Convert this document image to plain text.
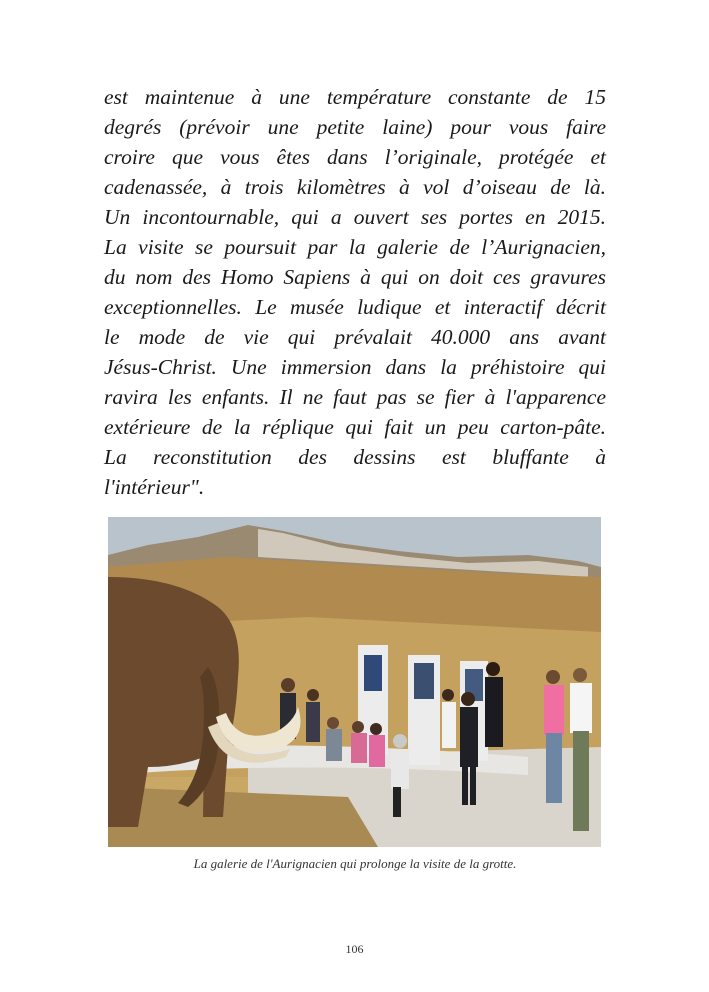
est maintenue à une température constante de 15
degrés (prévoir une petite laine) pour vous faire
croire que vous êtes dans l’originale, protégée et
cadenassée, à trois kilomètres à vol d’oiseau de là.
Un incontournable, qui a ouvert ses portes en 2015.
La visite se poursuit par la galerie de l’Aurignacien,
du nom des Homo Sapiens à qui on doit ces gravures
exceptionnelles. Le musée ludique et interactif décrit
le mode de vie qui prévalait 40.000 ans avant
Jésus-Christ. Une immersion dans la préhistoire qui
ravira les enfants. Il ne faut pas se fier à l'apparence
extérieure de la réplique qui fait un peu carton-pâte.
La reconstitution des dessins est bluffante à
l'intérieur".

La galerie de l'Aurignacien qui prolonge la visite de la grotte.

106
